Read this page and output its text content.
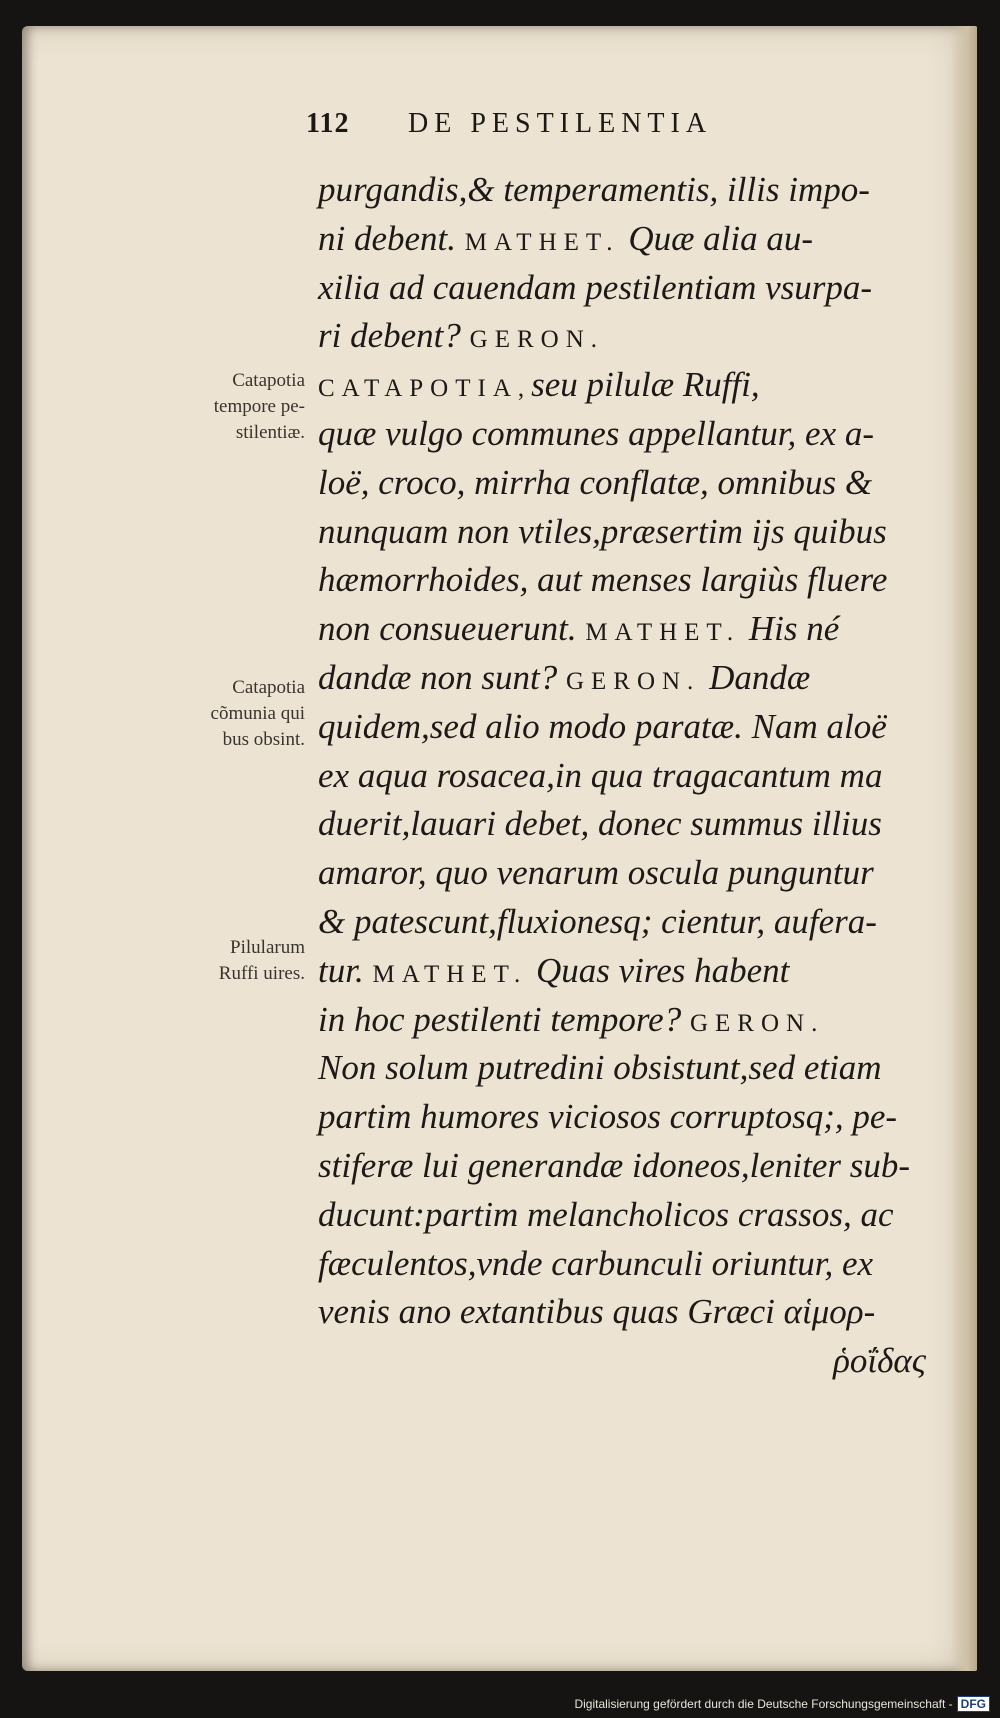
112 DE PESTILENTIA
purgandis,& temperamentis, illis impo-
ni debent. MATHET. Quæ alia au-
xilia ad cauendam pestilentiam vsurpa-
ri debent? GERON.
CATAPOTIA,seu pilulæ Ruffi,
quæ vulgo communes appellantur, ex a-
loë, croco, mirrha conflatæ, omnibus &
nunquam non vtiles,præsertim ijs quibus
hæmorrhoides, aut menses largiùs fluere
non consueuerunt. MATHET. His né
dandæ non sunt? GERON. Dandæ
quidem,sed alio modo paratæ. Nam aloë
ex aqua rosacea,in qua tragacantum ma
duerit,lauari debet, donec summus illius
amaror, quo venarum oscula punguntur
& patescunt,fluxionesq; cientur, aufera-
tur. MATHET. Quas vires habent
in hoc pestilenti tempore? GERON.
Non solum putredini obsistunt,sed etiam
partim humores viciosos corruptosq;, pe-
stiferæ lui generandæ idoneos,leniter sub-
ducunt:partim melancholicos crassos, ac
fæculentos,vnde carbunculi oriuntur, ex
venis ano extantibus quas Græci αἱμορ-
ῥοΐδας
Catapotia
tempore pe-
stilentiæ.
Catapotia
cõmunia qui
bus obsint.
Pilularum
Ruffi uires.
Digitalisierung gefördert durch die Deutsche Forschungsgemeinschaft - DFG
